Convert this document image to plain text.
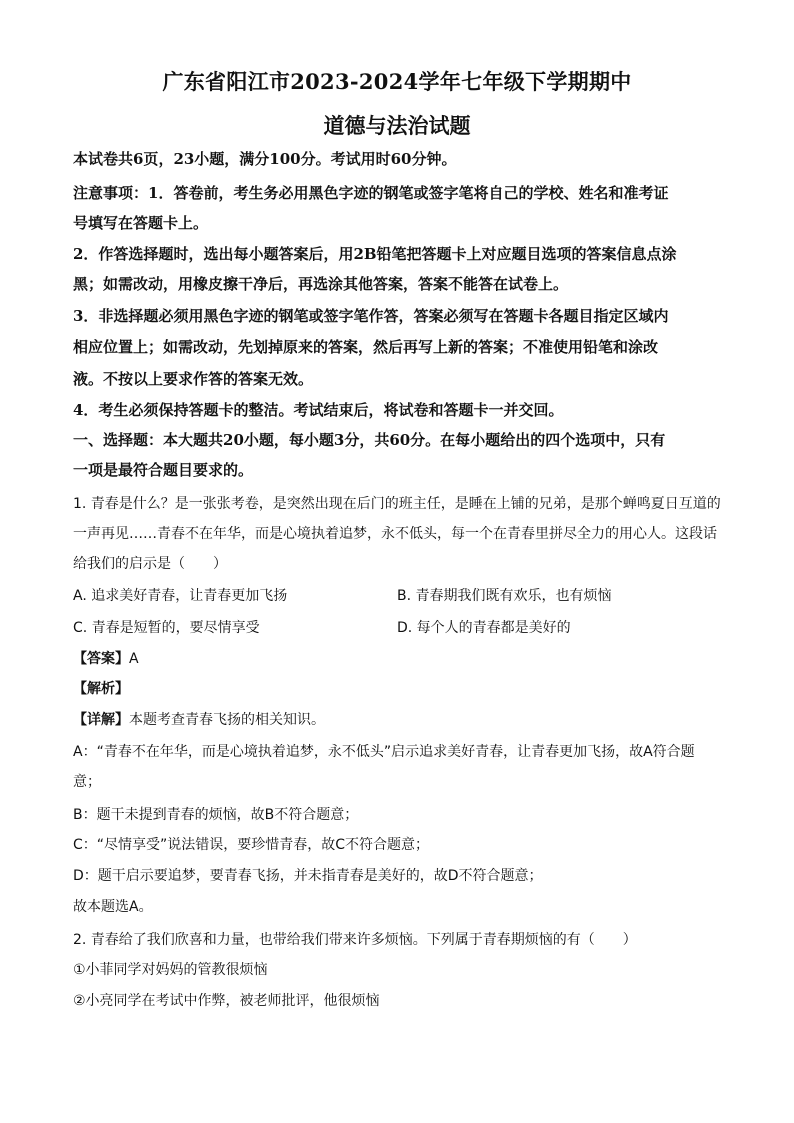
广东省阳江市2023-2024学年七年级下学期期中
道德与法治试题
本试卷共6页，23小题，满分100分。考试用时60分钟。
注意事项：1．答卷前，考生务必用黑色字迹的钢笔或签字笔将自己的学校、姓名和准考证
号填写在答题卡上。
2．作答选择题时，选出每小题答案后，用2B铅笔把答题卡上对应题目选项的答案信息点涂
黑；如需改动，用橡皮擦干净后，再选涂其他答案，答案不能答在试卷上。
3．非选择题必须用黑色字迹的钢笔或签字笔作答，答案必须写在答题卡各题目指定区域内
相应位置上；如需改动，先划掉原来的答案，然后再写上新的答案；不准使用铅笔和涂改
液。不按以上要求作答的答案无效。
4．考生必须保持答题卡的整洁。考试结束后，将试卷和答题卡一并交回。
一、选择题：本大题共20小题，每小题3分，共60分。在每小题给出的四个选项中，只有
一项是最符合题目要求的。
1. 青春是什么？是一张张考卷，是突然出现在后门的班主任，是睡在上铺的兄弟，是那个蝉鸣夏日互道的
一声再见……青春不在年华，而是心境执着追梦，永不低头，每一个在青春里拼尽全力的用心人。这段话
给我们的启示是（　　）
A. 追求美好青春，让青春更加飞扬	B. 青春期我们既有欢乐，也有烦恼
C. 青春是短暂的，要尽情享受	D. 每个人的青春都是美好的
【答案】A
【解析】
【详解】本题考查青春飞扬的相关知识。
A：“青春不在年华，而是心境执着追梦，永不低头”启示追求美好青春，让青春更加飞扬，故A符合题
意；
B：题干未提到青春的烦恼，故B不符合题意；
C：“尽情享受”说法错误，要珍惜青春，故C不符合题意；
D：题干启示要追梦，要青春飞扬，并未指青春是美好的，故D不符合题意；
故本题选A。
2. 青春给了我们欣喜和力量，也带给我们带来许多烦恼。下列属于青春期烦恼的有（　　）
①小菲同学对妈妈的管教很烦恼
②小亮同学在考试中作弊，被老师批评，他很烦恼
